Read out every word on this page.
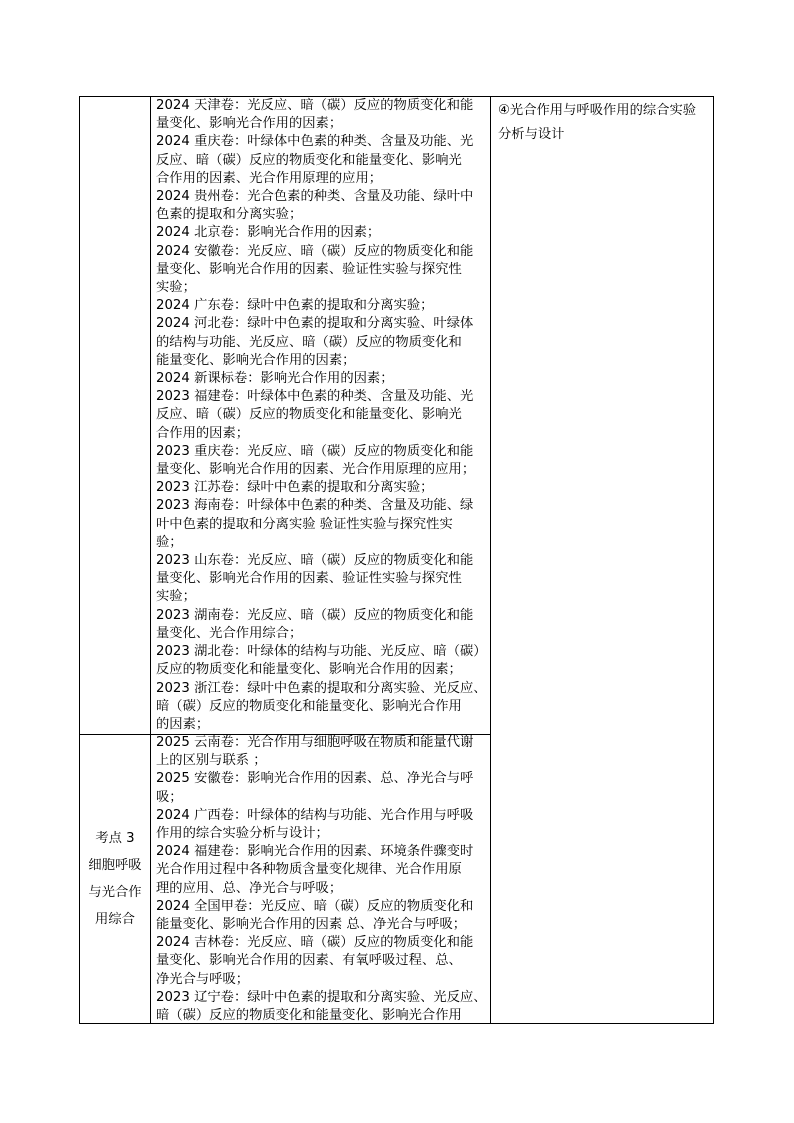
2024 天津卷：光反应、暗（碳）反应的物质变化和能
量变化、影响光合作用的因素；
2024 重庆卷：叶绿体中色素的种类、含量及功能、光
反应、暗（碳）反应的物质变化和能量变化、影响光
合作用的因素、光合作用原理的应用；
2024 贵州卷：光合色素的种类、含量及功能、绿叶中
色素的提取和分离实验；
2024 北京卷：影响光合作用的因素；
2024 安徽卷：光反应、暗（碳）反应的物质变化和能
量变化、影响光合作用的因素、验证性实验与探究性
实验；
2024 广东卷：绿叶中色素的提取和分离实验；
2024 河北卷：绿叶中色素的提取和分离实验、叶绿体
的结构与功能、光反应、暗（碳）反应的物质变化和
能量变化、影响光合作用的因素；
2024 新课标卷：影响光合作用的因素；
2023 福建卷：叶绿体中色素的种类、含量及功能、光
反应、暗（碳）反应的物质变化和能量变化、影响光
合作用的因素；
2023 重庆卷：光反应、暗（碳）反应的物质变化和能
量变化、影响光合作用的因素、光合作用原理的应用；
2023 江苏卷：绿叶中色素的提取和分离实验；
2023 海南卷：叶绿体中色素的种类、含量及功能、绿
叶中色素的提取和分离实验 验证性实验与探究性实
验；
2023 山东卷：光反应、暗（碳）反应的物质变化和能
量变化、影响光合作用的因素、验证性实验与探究性
实验；
2023 湖南卷：光反应、暗（碳）反应的物质变化和能
量变化、光合作用综合；
2023 湖北卷：叶绿体的结构与功能、光反应、暗（碳）
反应的物质变化和能量变化、影响光合作用的因素；
2023 浙江卷：绿叶中色素的提取和分离实验、光反应、
暗（碳）反应的物质变化和能量变化、影响光合作用
的因素；
2025 云南卷：光合作用与细胞呼吸在物质和能量代谢
上的区别与联系 ；
2025 安徽卷：影响光合作用的因素、总、净光合与呼
吸；
2024 广西卷：叶绿体的结构与功能、光合作用与呼吸
作用的综合实验分析与设计；
2024 福建卷：影响光合作用的因素、环境条件骤变时
光合作用过程中各种物质含量变化规律、光合作用原
理的应用、总、净光合与呼吸；
2024 全国甲卷：光反应、暗（碳）反应的物质变化和
能量变化、影响光合作用的因素 总、净光合与呼吸；
2024 吉林卷：光反应、暗（碳）反应的物质变化和能
量变化、影响光合作用的因素、有氧呼吸过程、总、
净光合与呼吸；
2023 辽宁卷：绿叶中色素的提取和分离实验、光反应、
暗（碳）反应的物质变化和能量变化、影响光合作用
考点 3
细胞呼吸
与光合作
用综合
④光合作用与呼吸作用的综合实验
分析与设计
